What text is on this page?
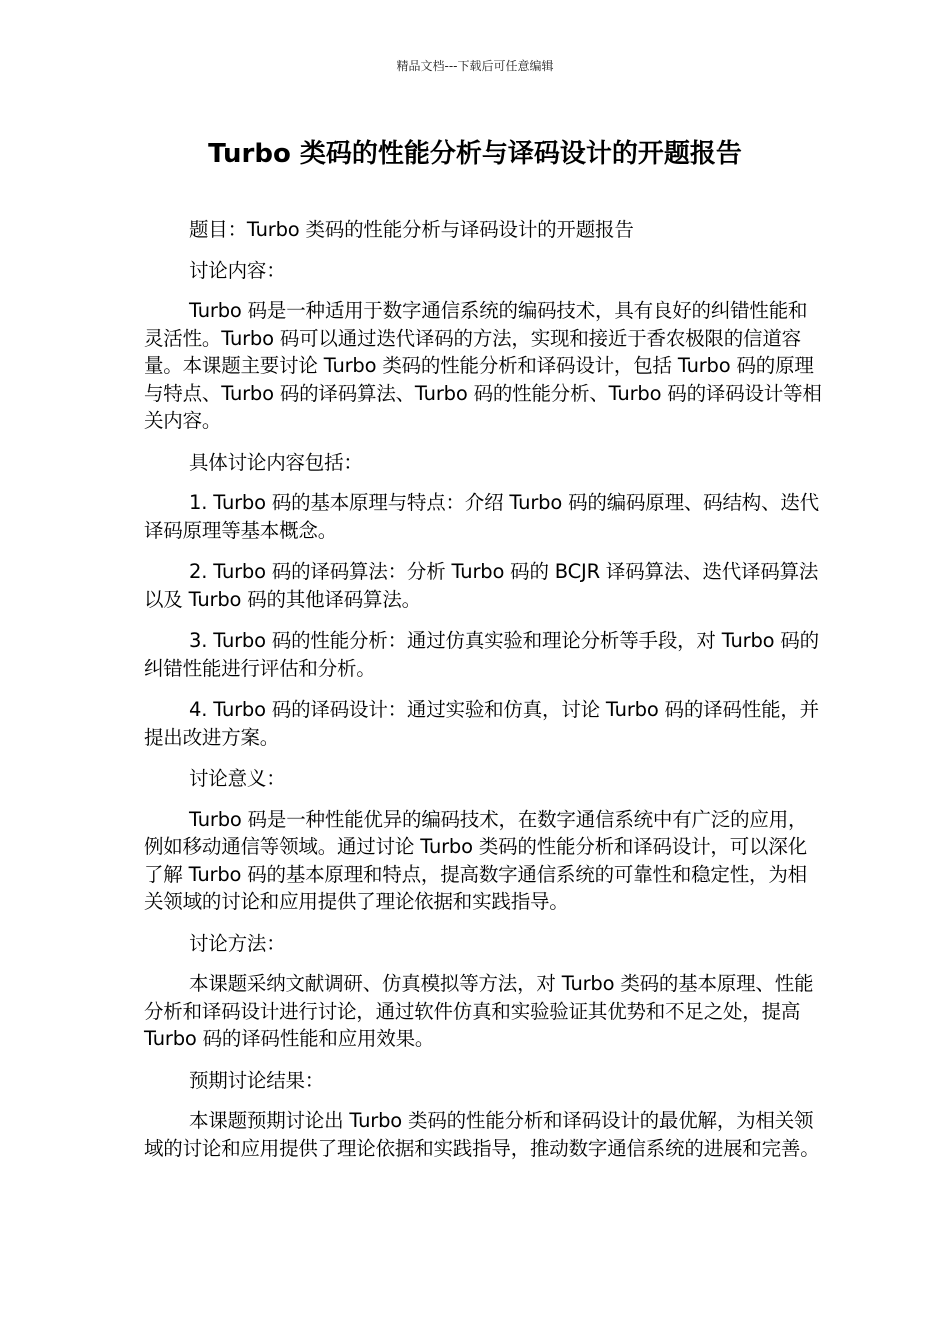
精品文档---下载后可任意编辑
Turbo 类码的性能分析与译码设计的开题报告

题目：Turbo 类码的性能分析与译码设计的开题报告

讨论内容：

Turbo 码是一种适用于数字通信系统的编码技术，具有良好的纠错性能和灵活性。Turbo 码可以通过迭代译码的方法，实现和接近于香农极限的信道容量。本课题主要讨论 Turbo 类码的性能分析和译码设计，包括 Turbo 码的原理与特点、Turbo 码的译码算法、Turbo 码的性能分析、Turbo 码的译码设计等相关内容。

具体讨论内容包括：

1. Turbo 码的基本原理与特点：介绍 Turbo 码的编码原理、码结构、迭代译码原理等基本概念。

2. Turbo 码的译码算法：分析 Turbo 码的 BCJR 译码算法、迭代译码算法以及 Turbo 码的其他译码算法。

3. Turbo 码的性能分析：通过仿真实验和理论分析等手段，对 Turbo 码的纠错性能进行评估和分析。

4. Turbo 码的译码设计：通过实验和仿真，讨论 Turbo 码的译码性能，并提出改进方案。

讨论意义：

Turbo 码是一种性能优异的编码技术，在数字通信系统中有广泛的应用，例如移动通信等领域。通过讨论 Turbo 类码的性能分析和译码设计，可以深化了解 Turbo 码的基本原理和特点，提高数字通信系统的可靠性和稳定性，为相关领域的讨论和应用提供了理论依据和实践指导。

讨论方法：

本课题采纳文献调研、仿真模拟等方法，对 Turbo 类码的基本原理、性能分析和译码设计进行讨论，通过软件仿真和实验验证其优势和不足之处，提高 Turbo 码的译码性能和应用效果。

预期讨论结果：

本课题预期讨论出 Turbo 类码的性能分析和译码设计的最优解，为相关领域的讨论和应用提供了理论依据和实践指导，推动数字通信系统的进展和完善。
